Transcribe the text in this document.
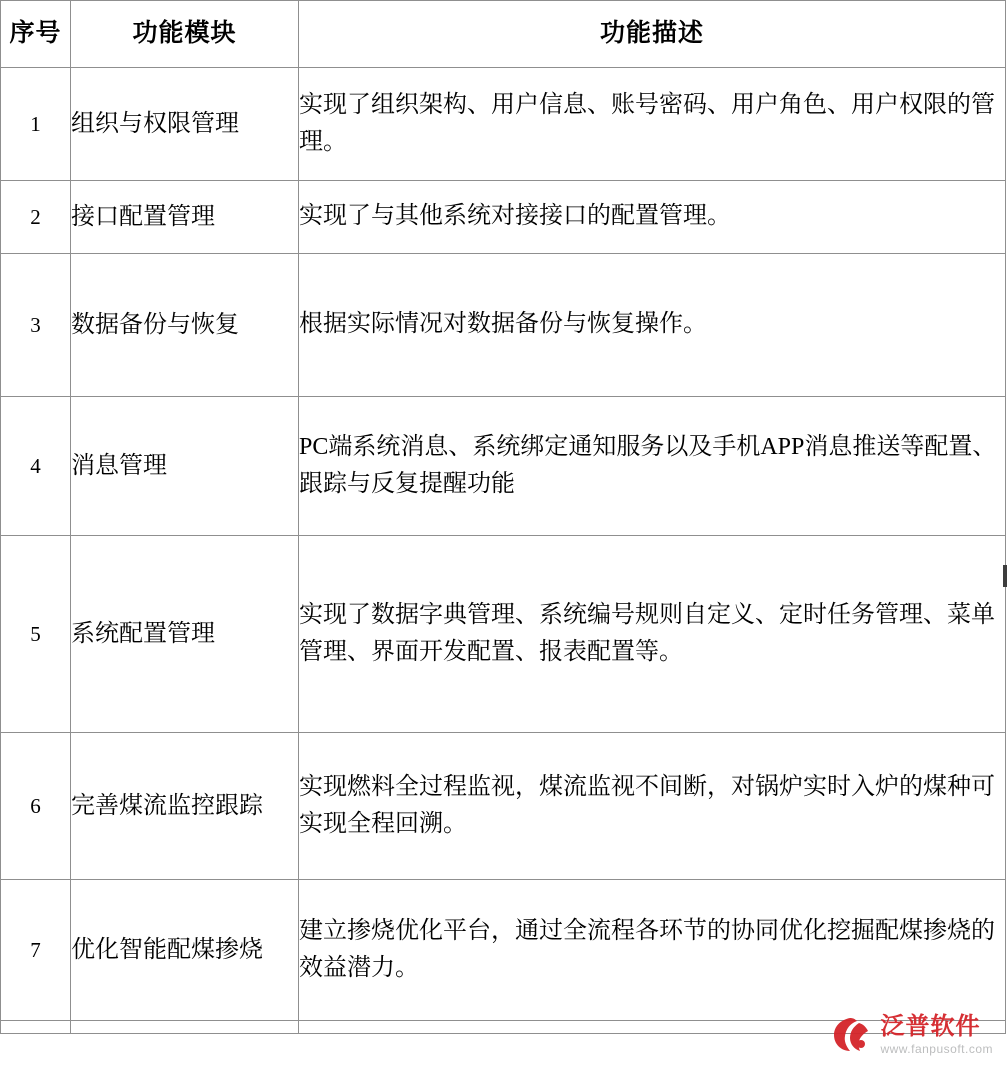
序号	功能模块	功能描述
1	组织与权限管理	实现了组织架构、用户信息、账号密码、用户角色、用户权限的管理。

2	接口配置管理	实现了与其他系统对接接口的配置管理。

3	数据备份与恢复	根据实际情况对数据备份与恢复操作。

4	消息管理	PC端系统消息、系统绑定通知服务以及手机APP消息推送等配置、跟踪与反复提醒功能

5	系统配置管理	实现了数据字典管理、系统编号规则自定义、定时任务管理、菜单管理、界面开发配置、报表配置等。

6	完善煤流监控跟踪	实现燃料全过程监视，煤流监视不间断，对锅炉实时入炉的煤种可实现全程回溯。

7	优化智能配煤掺烧	建立掺烧优化平台，通过全流程各环节的协同优化挖掘配煤掺烧的效益潜力。

泛普软件
www.fanpusoft.com
